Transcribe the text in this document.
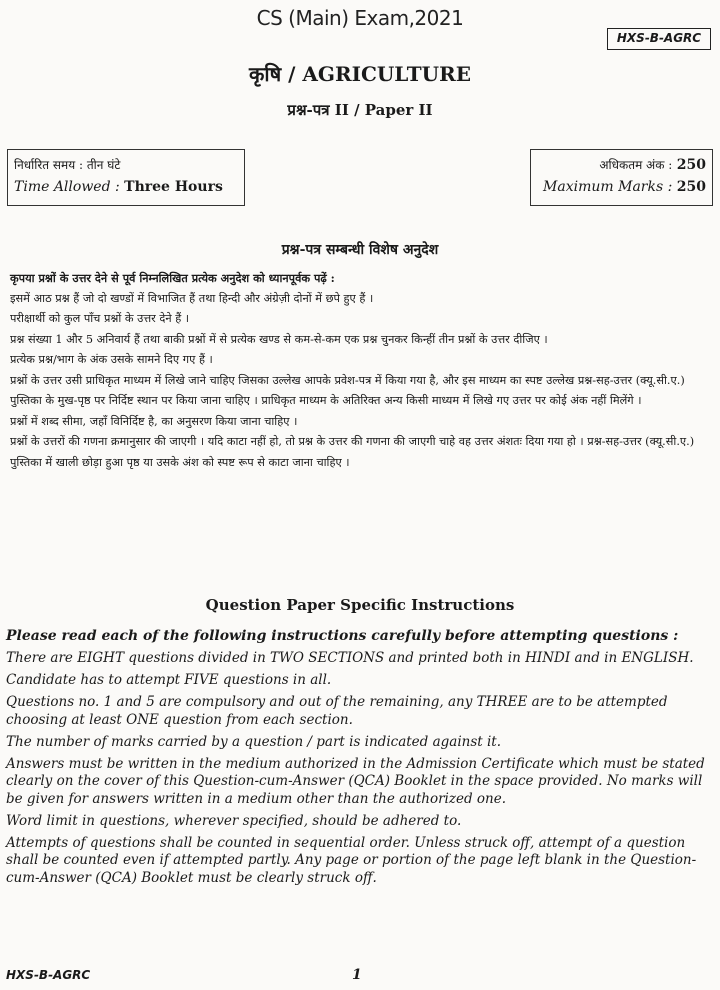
CS (Main) Exam,2021
HXS-B-AGRC
कृषि / AGRICULTURE
प्रश्न-पत्र II / Paper II
निर्धारित समय : तीन घंटे
Time Allowed : Three Hours
अधिकतम अंक : 250
Maximum Marks : 250
प्रश्न-पत्र सम्बन्धी विशेष अनुदेश

कृपया प्रश्नों के उत्तर देने से पूर्व निम्नलिखित प्रत्येक अनुदेश को ध्यानपूर्वक पढ़ें :

इसमें आठ प्रश्न हैं जो दो खण्डों में विभाजित हैं तथा हिन्दी और अंग्रेज़ी दोनों में छपे हुए हैं ।

परीक्षार्थी को कुल पाँच प्रश्नों के उत्तर देने हैं ।

प्रश्न संख्या 1 और 5 अनिवार्य हैं तथा बाकी प्रश्नों में से प्रत्येक खण्ड से कम-से-कम एक प्रश्न चुनकर किन्हीं तीन प्रश्नों के उत्तर दीजिए ।

प्रत्येक प्रश्न/भाग के अंक उसके सामने दिए गए हैं ।

प्रश्नों के उत्तर उसी प्राधिकृत माध्यम में लिखे जाने चाहिए जिसका उल्लेख आपके प्रवेश-पत्र में किया गया है, और इस माध्यम का स्पष्ट उल्लेख प्रश्न-सह-उत्तर (क्यू.सी.ए.) पुस्तिका के मुख-पृष्ठ पर निर्दिष्ट स्थान पर किया जाना चाहिए । प्राधिकृत माध्यम के अतिरिक्त अन्य किसी माध्यम में लिखे गए उत्तर पर कोई अंक नहीं मिलेंगे ।

प्रश्नों में शब्द सीमा, जहाँ विनिर्दिष्ट है, का अनुसरण किया जाना चाहिए ।

प्रश्नों के उत्तरों की गणना क्रमानुसार की जाएगी । यदि काटा नहीं हो, तो प्रश्न के उत्तर की गणना की जाएगी चाहे वह उत्तर अंशतः दिया गया हो । प्रश्न-सह-उत्तर (क्यू.सी.ए.) पुस्तिका में खाली छोड़ा हुआ पृष्ठ या उसके अंश को स्पष्ट रूप से काटा जाना चाहिए ।

Question Paper Specific Instructions

Please read each of the following instructions carefully before attempting questions :

There are EIGHT questions divided in TWO SECTIONS and printed both in HINDI and in ENGLISH.

Candidate has to attempt FIVE questions in all.

Questions no. 1 and 5 are compulsory and out of the remaining, any THREE are to be attempted choosing at least ONE question from each section.

The number of marks carried by a question / part is indicated against it.

Answers must be written in the medium authorized in the Admission Certificate which must be stated clearly on the cover of this Question-cum-Answer (QCA) Booklet in the space provided. No marks will be given for answers written in a medium other than the authorized one.

Word limit in questions, wherever specified, should be adhered to.

Attempts of questions shall be counted in sequential order. Unless struck off, attempt of a question shall be counted even if attempted partly. Any page or portion of the page left blank in the Question-cum-Answer (QCA) Booklet must be clearly struck off.

HXS-B-AGRC	1
